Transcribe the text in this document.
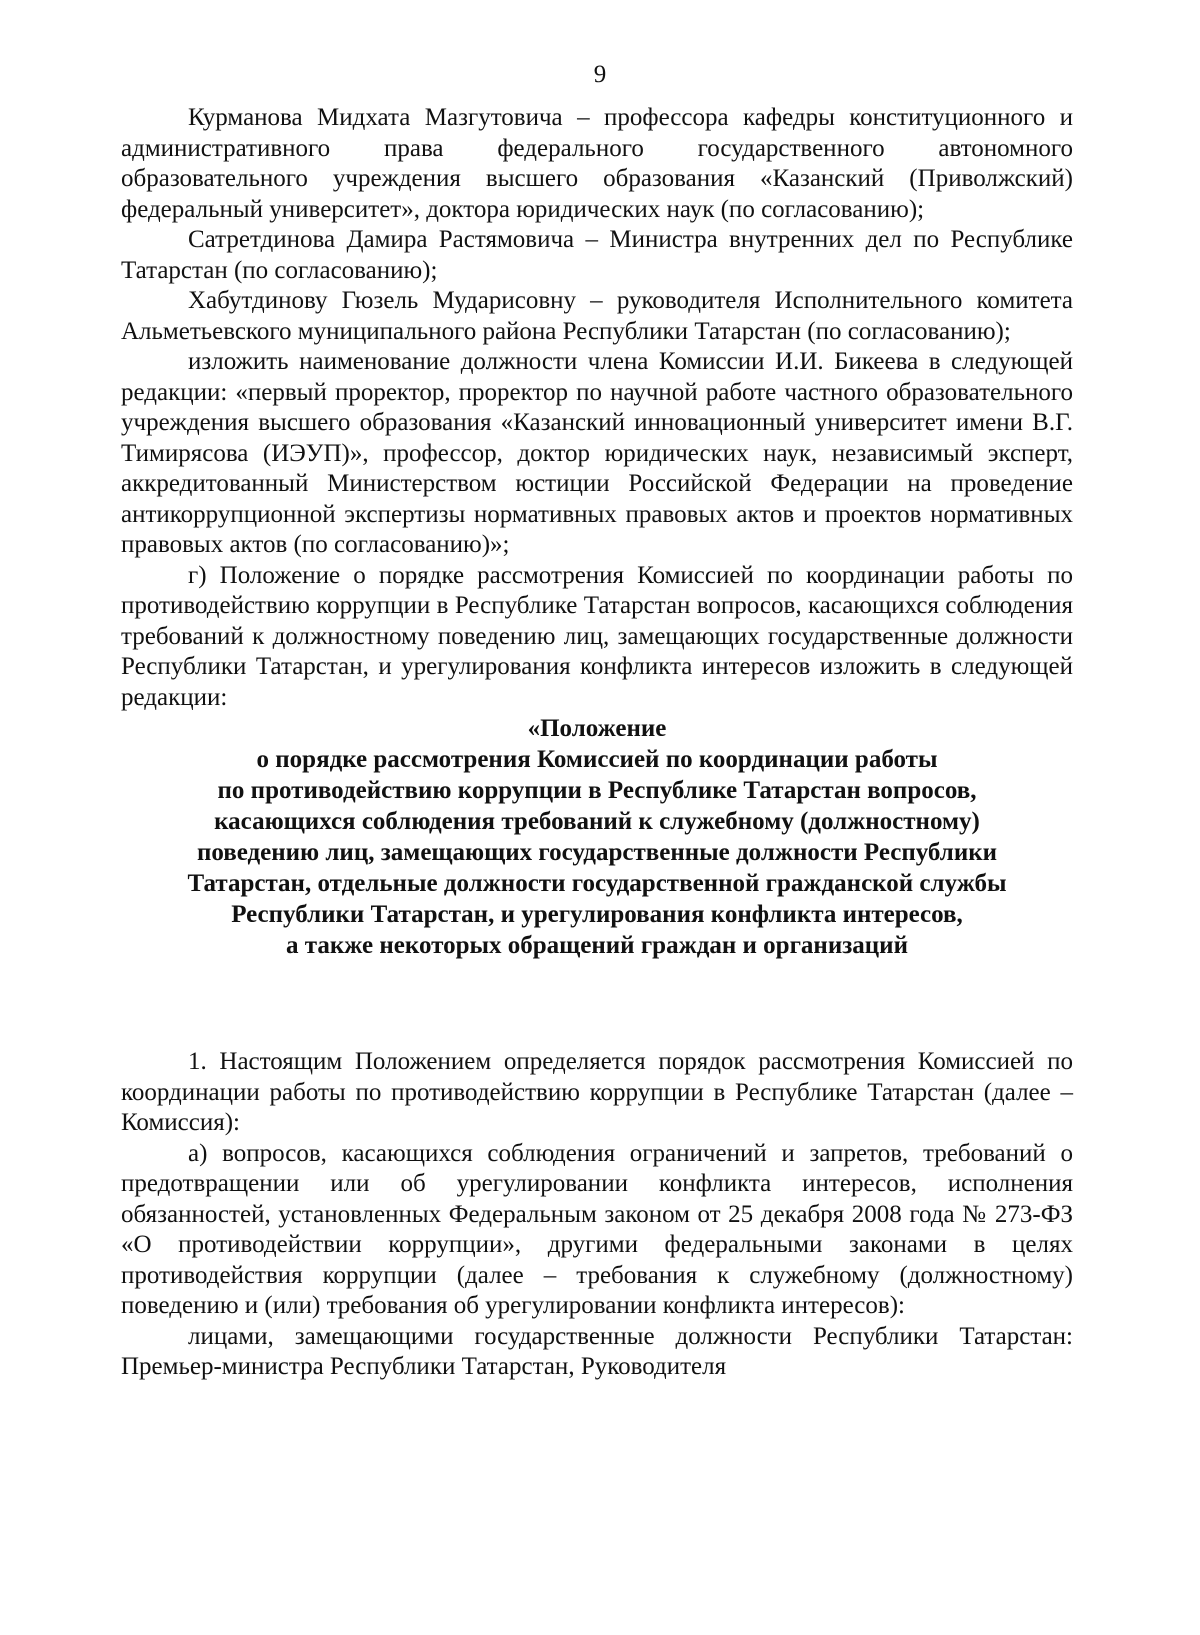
9

Курманова Мидхата Мазгутовича – профессора кафедры конституционного и административного права федерального государственного автономного образовательного учреждения высшего образования «Казанский (Приволжский) федеральный университет», доктора юридических наук (по согласованию);

Сатретдинова Дамира Растямовича – Министра внутренних дел по Республике Татарстан (по согласованию);

Хабутдинову Гюзель Мударисовну – руководителя Исполнительного комитета Альметьевского муниципального района Республики Татарстан (по согласованию);

изложить наименование должности члена Комиссии И.И. Бикеева в следующей редакции: «первый проректор, проректор по научной работе частного образовательного учреждения высшего образования «Казанский инновационный университет имени В.Г. Тимирясова (ИЭУП)», профессор, доктор юридических наук, независимый эксперт, аккредитованный Министерством юстиции Российской Федерации на проведение антикоррупционной экспертизы нормативных правовых актов и проектов нормативных правовых актов (по согласованию)»;

г) Положение о порядке рассмотрения Комиссией по координации работы по противодействию коррупции в Республике Татарстан вопросов, касающихся соблюдения требований к должностному поведению лиц, замещающих государственные должности Республики Татарстан, и урегулирования конфликта интересов изложить в следующей редакции:

«Положение

о порядке рассмотрения Комиссией по координации работы

по противодействию коррупции в Республике Татарстан вопросов,

касающихся соблюдения требований к служебному (должностному)

поведению лиц, замещающих государственные должности Республики

Татарстан, отдельные должности государственной гражданской службы

Республики Татарстан, и урегулирования конфликта интересов,

а также некоторых обращений граждан и организаций

1. Настоящим Положением определяется порядок рассмотрения Комиссией по координации работы по противодействию коррупции в Республике Татарстан (далее – Комиссия):

а) вопросов, касающихся соблюдения ограничений и запретов, требований о предотвращении или об урегулировании конфликта интересов, исполнения обязанностей, установленных Федеральным законом от 25 декабря 2008 года № 273-ФЗ «О противодействии коррупции», другими федеральными законами в целях противодействия коррупции (далее – требования к служебному (должностному) поведению и (или) требования об урегулировании конфликта интересов):

лицами, замещающими государственные должности Республики Татарстан: Премьер-министра Республики Татарстан, Руководителя
